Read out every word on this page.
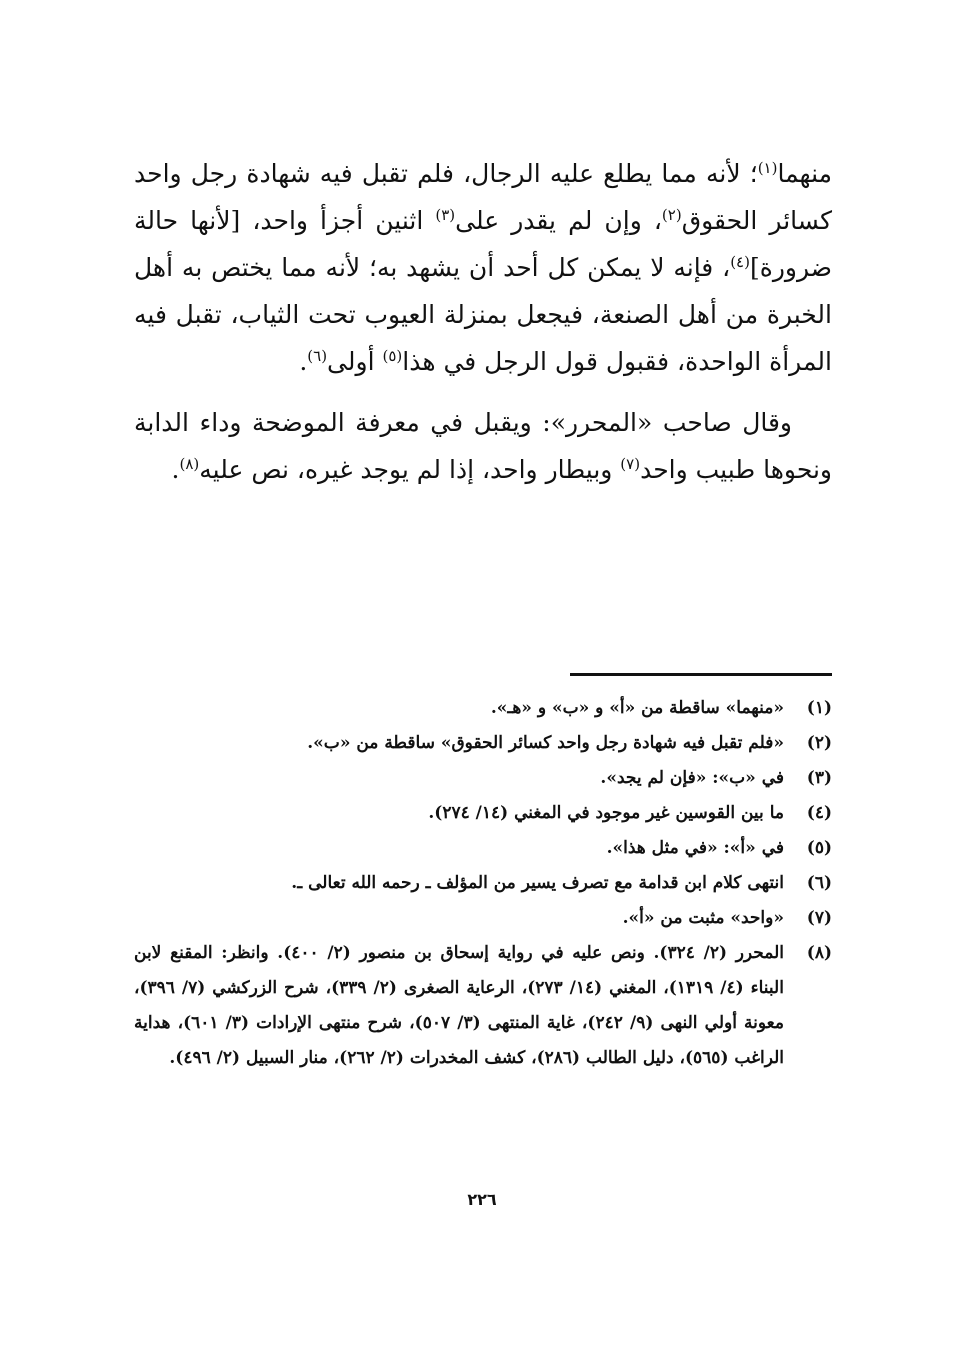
منهما$^{(١)}$؛ لأنه مما يطلع عليه الرجال، فلم تقبل فيه شهادة رجل واحد كسائر الحقوق$^{(٢)}$، وإن لم يقدر على$^{(٣)}$ اثنين أجزأ واحد، [لأنها حالة ضرورة]$^{(٤)}$، فإنه لا يمكن كل أحد أن يشهد به؛ لأنه مما يختص به أهل الخبرة من أهل الصنعة، فيجعل بمنزلة العيوب تحت الثياب، تقبل فيه المرأة الواحدة، فقبول قول الرجل في هذا$^{(٥)}$ أولى$^{(٦)}$.

وقال صاحب «المحرر»: ويقبل في معرفة الموضحة وداء الدابة ونحوها طبيب واحد$^{(٧)}$ وبيطار واحد، إذا لم يوجد غيره، نص عليه$^{(٨)}$.

(١)
«منهما» ساقطة من «أ» و «ب» و «هـ».
(٢)
«فلم تقبل فيه شهادة رجل واحد كسائر الحقوق» ساقطة من «ب».
(٣)
في «ب»: «فإن لم يجد».
(٤)
ما بين القوسين غير موجود في المغني (١٤/ ٢٧٤).
(٥)
في «أ»: «في مثل هذا».
(٦)
انتهى كلام ابن قدامة مع تصرف يسير من المؤلف ـ رحمه الله تعالى ـ.
(٧)
«واحد» مثبت من «أ».
(٨)
المحرر (٢/ ٣٢٤). ونص عليه في رواية إسحاق بن منصور (٢/ ٤٠٠). وانظر: المقنع لابن البناء (٤/ ١٣١٩)، المغني (١٤/ ٢٧٣)، الرعاية الصغرى (٢/ ٣٣٩)، شرح الزركشي (٧/ ٣٩٦)، معونة أولي النهى (٩/ ٢٤٢)، غاية المنتهى (٣/ ٥٠٧)، شرح منتهى الإرادات (٣/ ٦٠١)، هداية الراغب (٥٦٥)، دليل الطالب (٢٨٦)، كشف المخدرات (٢/ ٢٦٢)، منار السبيل (٢/ ٤٩٦).
٢٢٦
